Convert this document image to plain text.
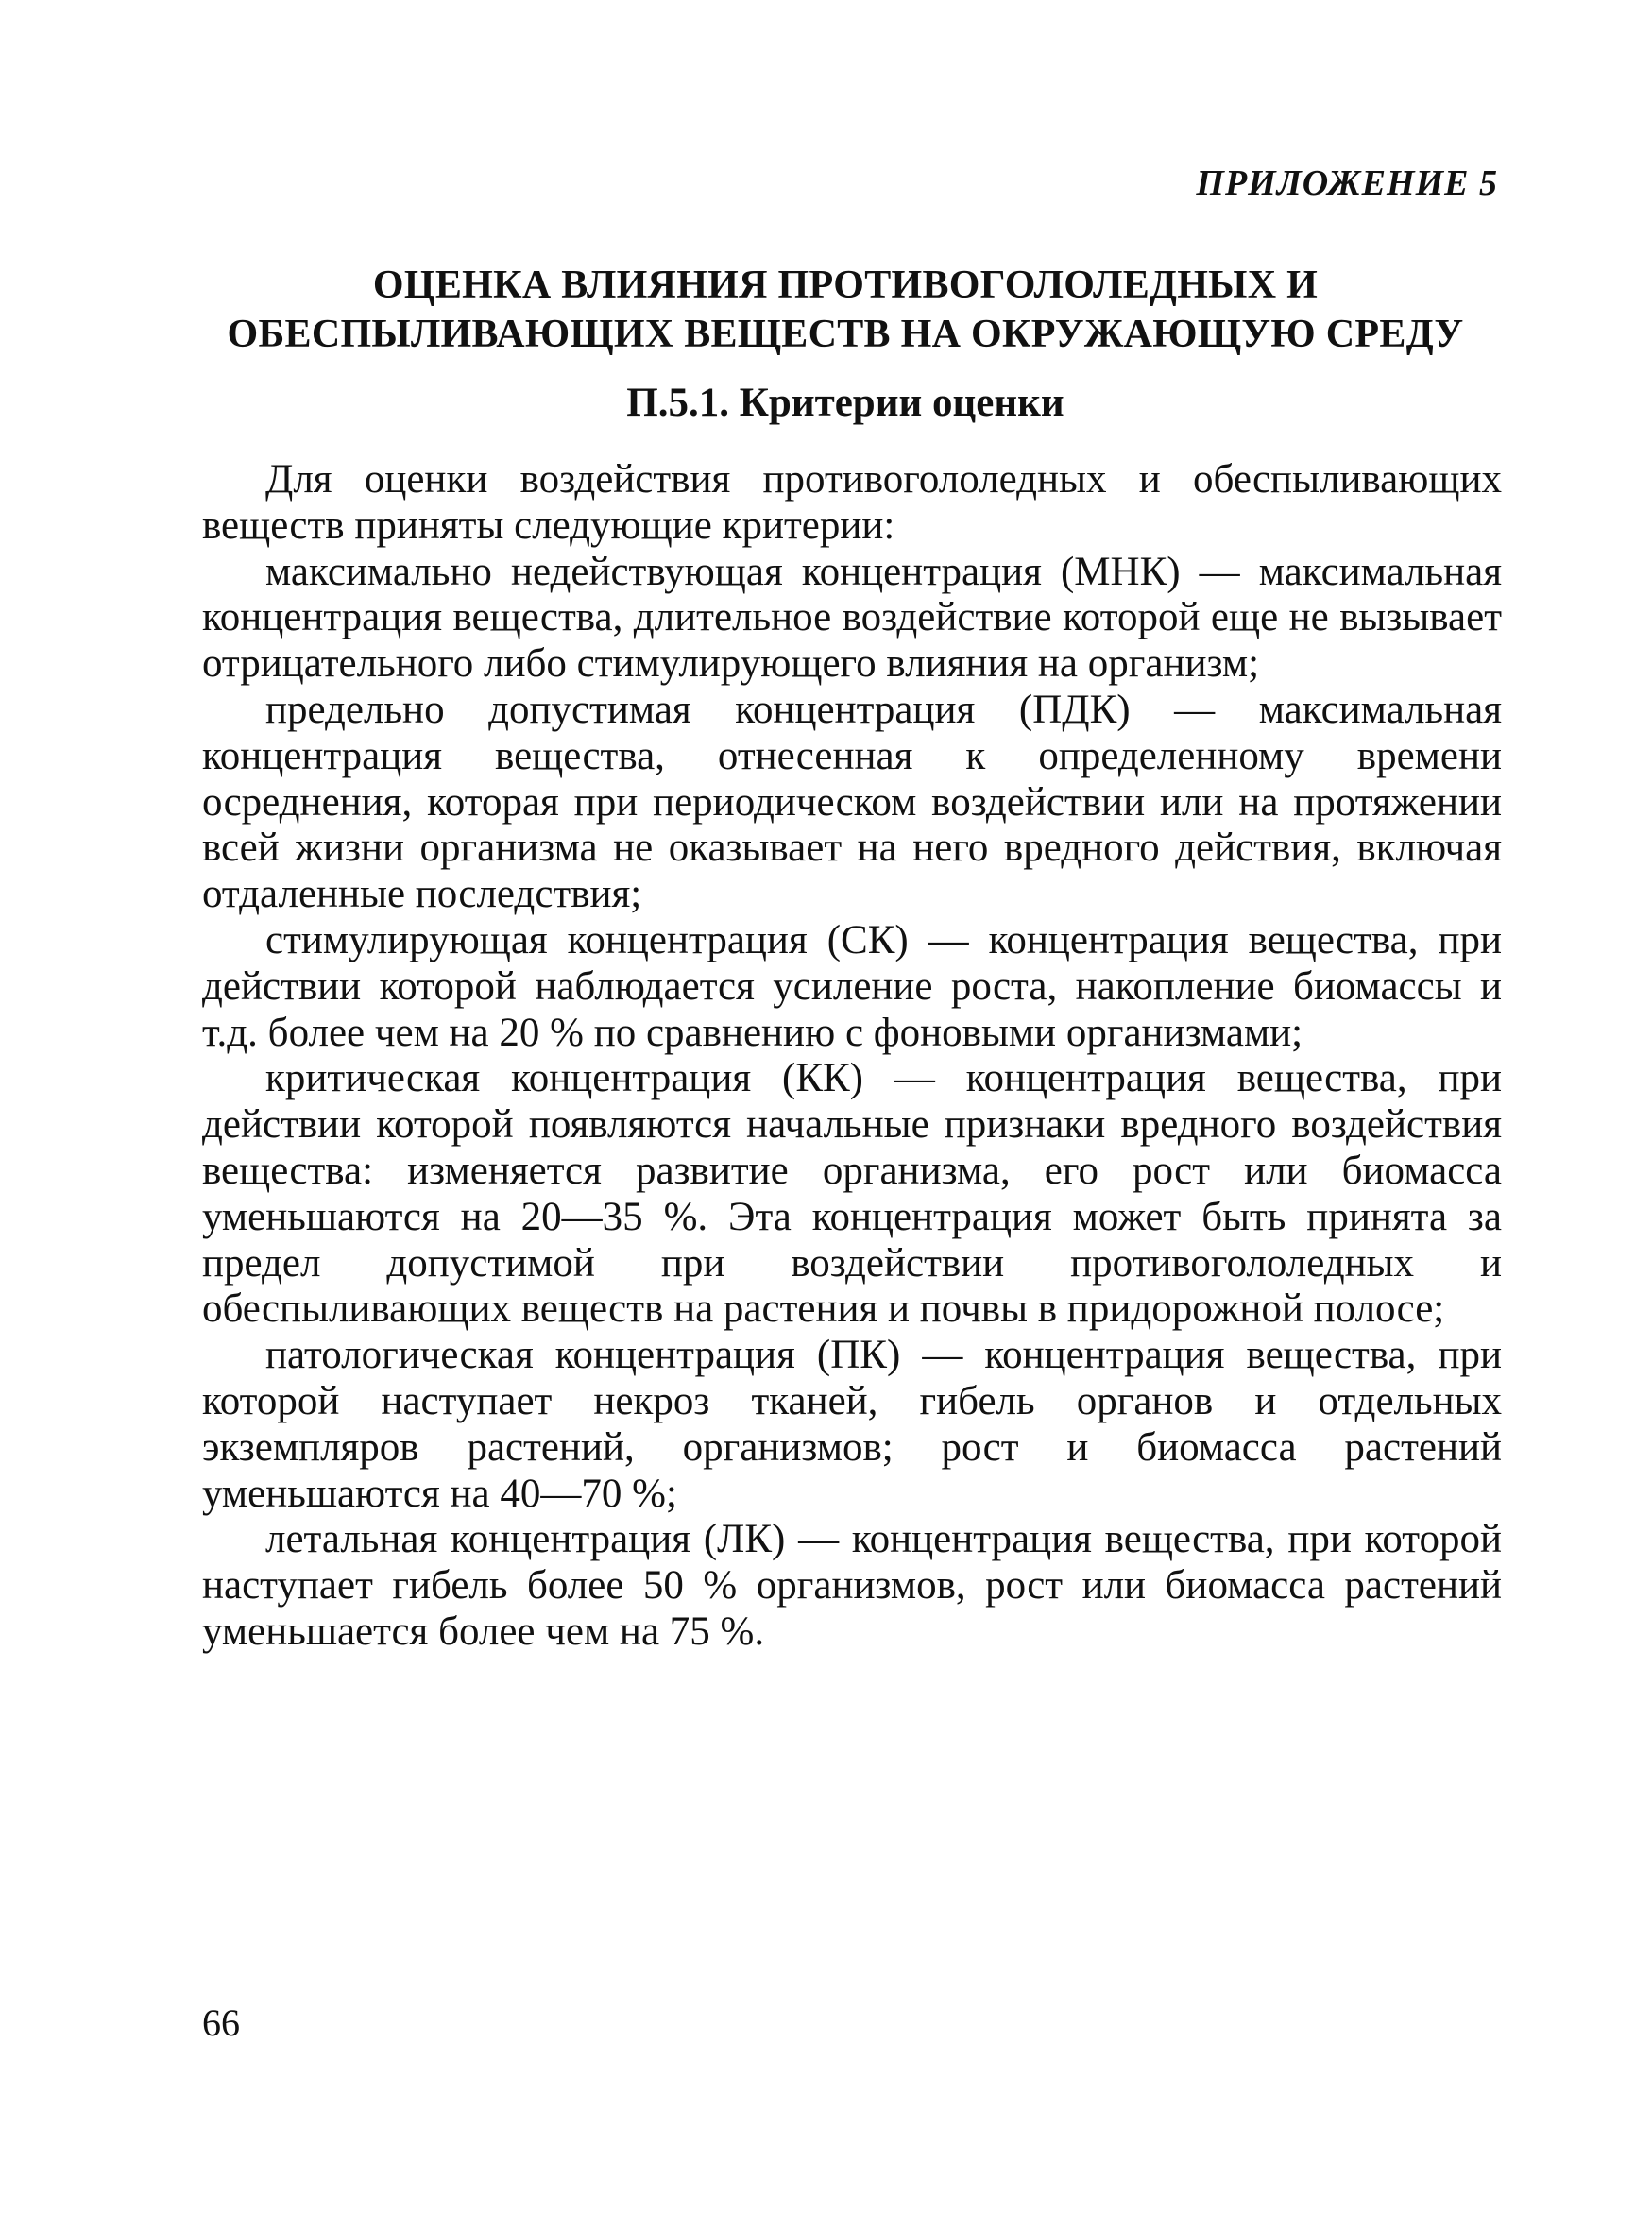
ПРИЛОЖЕНИЕ 5
ОЦЕНКА ВЛИЯНИЯ ПРОТИВОГОЛОЛЕДНЫХ И
ОБЕСПЫЛИВАЮЩИХ ВЕЩЕСТВ НА ОКРУЖАЮЩУЮ СРЕДУ
П.5.1. Критерии оценки

Для оценки воздействия противогололедных и обеспыливающих веществ приняты следующие критерии:

максимально недействующая концентрация (МНК) — максимальная концентрация вещества, длительное воздействие которой еще не вызывает отрицательного либо стимулирующего влияния на организм;

предельно допустимая концентрация (ПДК) — максимальная концентрация вещества, отнесенная к определенному времени осреднения, которая при периодическом воздействии или на протяжении всей жизни организма не оказывает на него вредного действия, включая отдаленные последствия;

стимулирующая концентрация (СК) — концентрация вещества, при действии которой наблюдается усиление роста, накопление биомассы и т.д. более чем на 20 % по сравнению с фоновыми организмами;

критическая концентрация (КК) — концентрация вещества, при действии которой появляются начальные признаки вредного воздействия вещества: изменяется развитие организма, его рост или биомасса уменьшаются на 20—35 %. Эта концентрация может быть принята за предел допустимой при воздействии противогололедных и обеспыливающих веществ на растения и почвы в придорожной полосе;

патологическая концентрация (ПК) — концентрация вещества, при которой наступает некроз тканей, гибель органов и отдельных экземпляров растений, организмов; рост и биомасса растений уменьшаются на 40—70 %;

летальная концентрация (ЛК) — концентрация вещества, при которой наступает гибель более 50 % организмов, рост или биомасса растений уменьшается более чем на 75 %.

66
